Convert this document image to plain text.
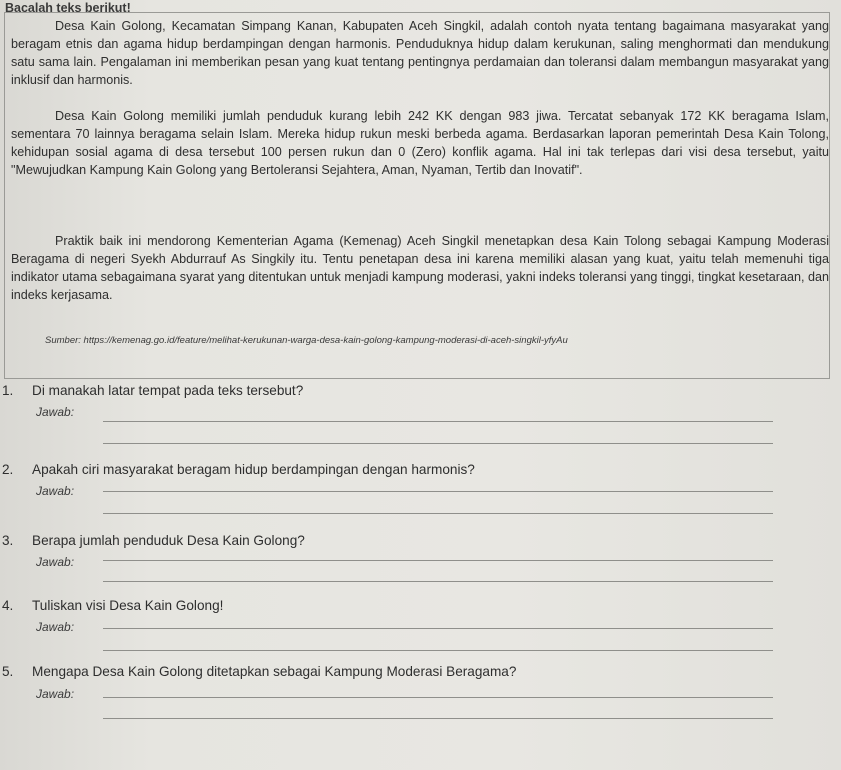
Bacalah teks berikut!

Desa Kain Golong, Kecamatan Simpang Kanan, Kabupaten Aceh Singkil, adalah contoh nyata tentang bagaimana masyarakat yang beragam etnis dan agama hidup berdampingan dengan harmonis. Penduduknya hidup dalam kerukunan, saling menghormati dan mendukung satu sama lain. Pengalaman ini memberikan pesan yang kuat tentang pentingnya perdamaian dan toleransi dalam membangun masyarakat yang inklusif dan harmonis.

Desa Kain Golong memiliki jumlah penduduk kurang lebih 242 KK dengan 983 jiwa. Tercatat sebanyak 172 KK beragama Islam, sementara 70 lainnya beragama selain Islam. Mereka hidup rukun meski berbeda agama. Berdasarkan laporan pemerintah Desa Kain Tolong, kehidupan sosial agama di desa tersebut 100 persen rukun dan 0 (Zero) konflik agama. Hal ini tak terlepas dari visi desa tersebut, yaitu "Mewujudkan Kampung Kain Golong yang Bertoleransi Sejahtera, Aman, Nyaman, Tertib dan Inovatif".

Praktik baik ini mendorong Kementerian Agama (Kemenag) Aceh Singkil menetapkan desa Kain Tolong sebagai Kampung Moderasi Beragama di negeri Syekh Abdurrauf As Singkily itu. Tentu penetapan desa ini karena memiliki alasan yang kuat, yaitu telah memenuhi tiga indikator utama sebagaimana syarat yang ditentukan untuk menjadi kampung moderasi, yakni indeks toleransi yang tinggi, tingkat kesetaraan, dan indeks kerjasama.

Sumber: https://kemenag.go.id/feature/melihat-kerukunan-warga-desa-kain-golong-kampung-moderasi-di-aceh-singkil-yfyAu
1. Di manakah latar tempat pada teks tersebut?
Jawab:
2. Apakah ciri masyarakat beragam hidup berdampingan dengan harmonis?
Jawab:
3. Berapa jumlah penduduk Desa Kain Golong?
Jawab:
4. Tuliskan visi Desa Kain Golong!
Jawab:
5. Mengapa Desa Kain Golong ditetapkan sebagai Kampung Moderasi Beragama?
Jawab:
